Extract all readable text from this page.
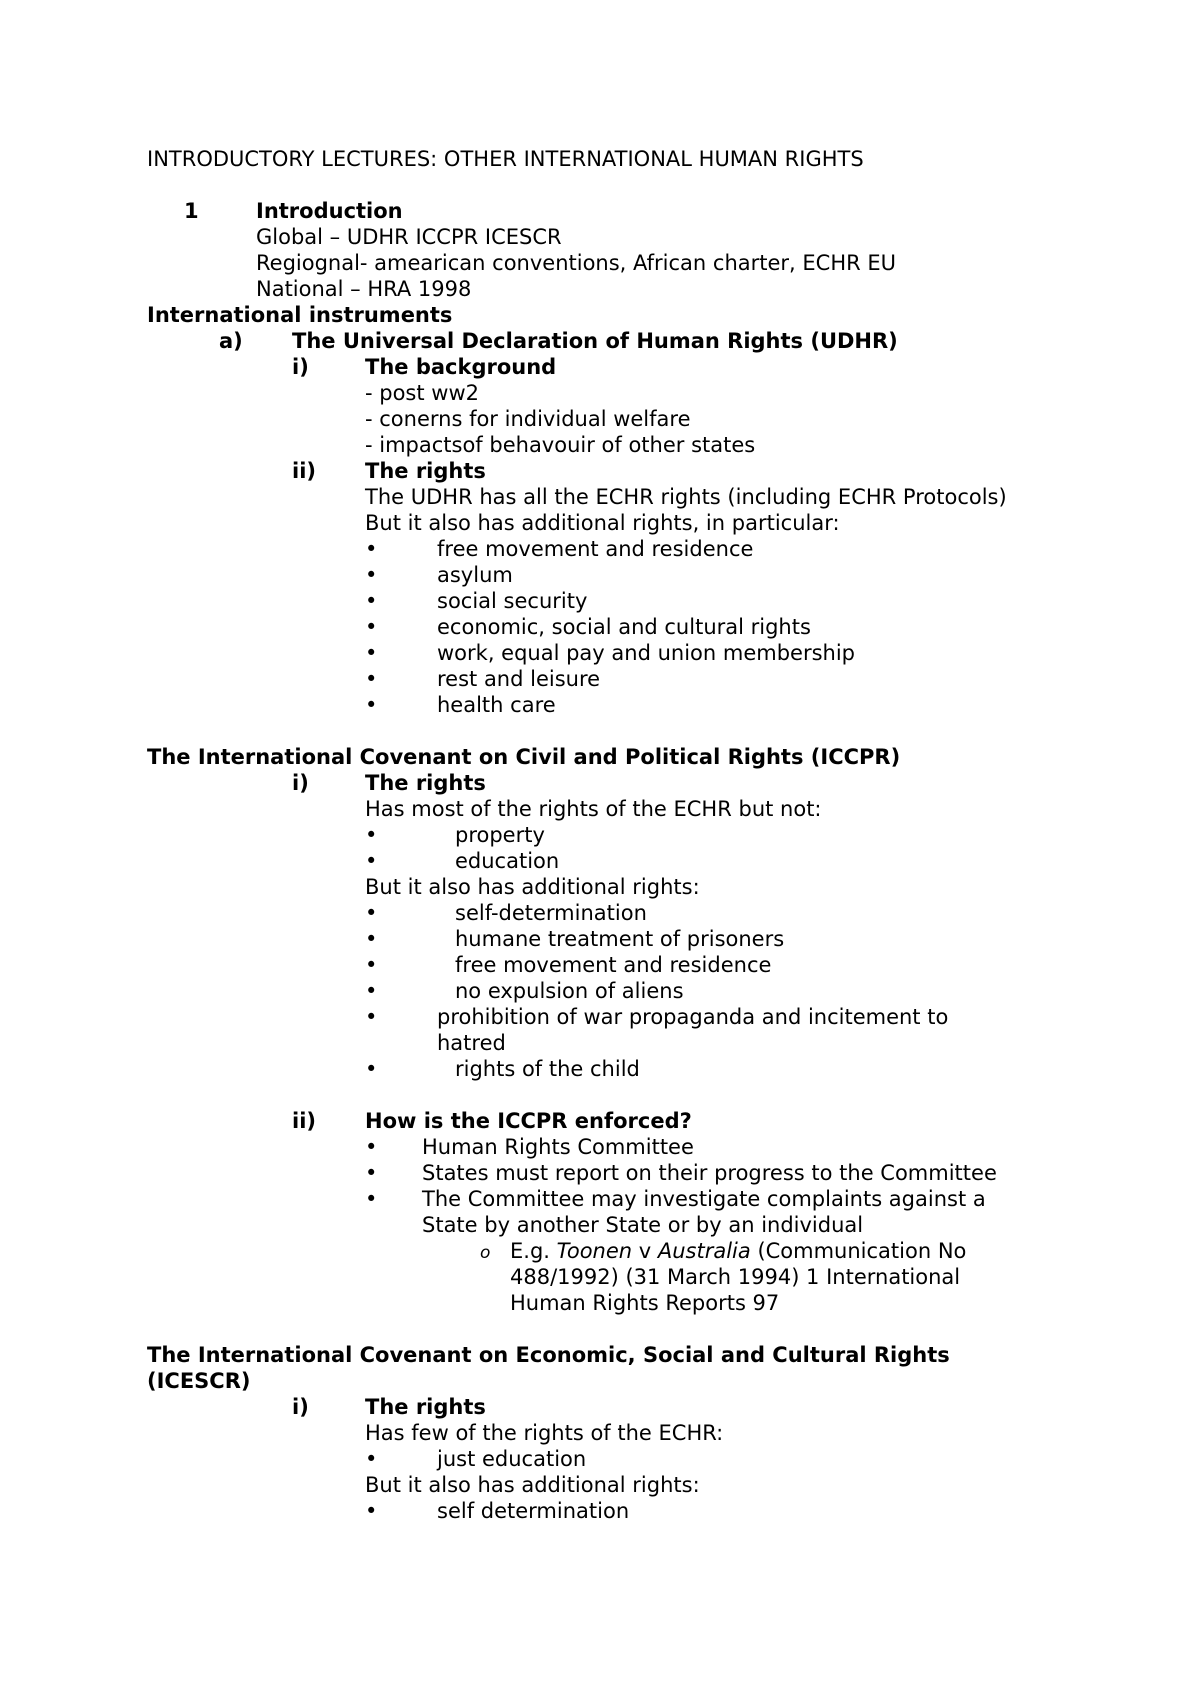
INTRODUCTORY LECTURES: OTHER INTERNATIONAL HUMAN RIGHTS
1	Introduction
Global – UDHR ICCPR ICESCR
Regiognal- amearican conventions, African charter, ECHR EU
National – HRA 1998
International instruments
a) The Universal Declaration of Human Rights (UDHR)
i)	The background
- post ww2
- conerns for individual welfare
- impactsof behavouir of other states
ii) The rights
The UDHR has all the ECHR rights (including ECHR Protocols)
But it also has additional rights, in particular:
•
free movement and residence
•
asylum
•
social security
•
economic, social and cultural rights
•
work, equal pay and union membership
•
rest and leisure
•
health care
The International Covenant on Civil and Political Rights (ICCPR)
i)	The rights
Has most of the rights of the ECHR but not:
•
property
•
education
But it also has additional rights:
•
self-determination
•
humane treatment of prisoners
•
free movement and residence
•
no expulsion of aliens
•
prohibition of war propaganda and incitement to
hatred
•
rights of the child
ii) How is the ICCPR enforced?
•
Human Rights Committee
•
States must report on their progress to the Committee
•
The Committee may investigate complaints against a
State by another State or by an individual
o
E.g. Toonen v Australia (Communication No
488/1992) (31 March 1994) 1 International
Human Rights Reports 97
The International Covenant on Economic, Social and Cultural Rights
(ICESCR)
i)	The rights
Has few of the rights of the ECHR:
•
just education
But it also has additional rights:
•
self determination
